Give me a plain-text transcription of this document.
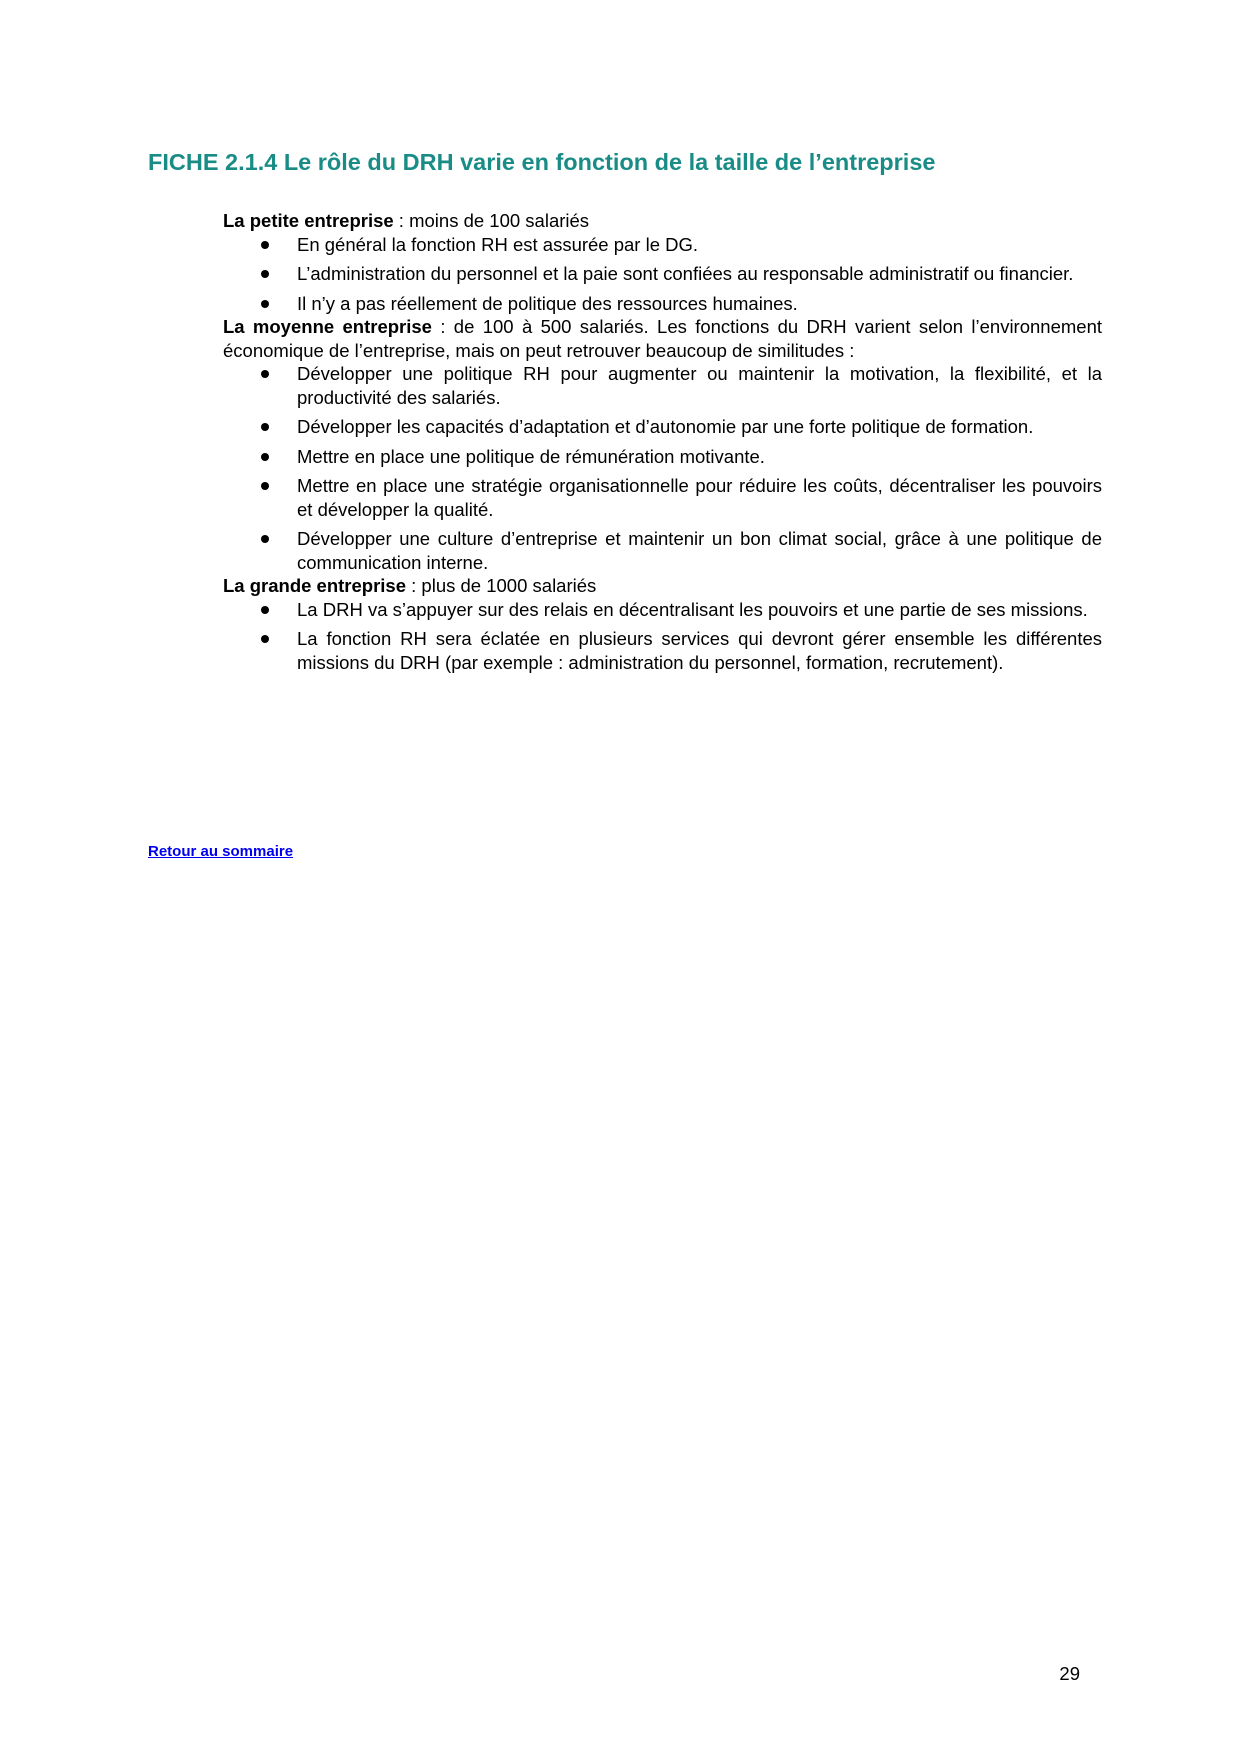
FICHE 2.1.4 Le rôle du DRH varie en fonction de la taille de l’entreprise

La petite entreprise : moins de 100 salariés

En général la fonction RH est assurée par le DG.
L’administration du personnel et la paie sont confiées au responsable administratif ou financier.
Il n’y a pas réellement de politique des ressources humaines.

La moyenne entreprise : de 100 à 500 salariés. Les fonctions du DRH varient selon l’environnement économique de l’entreprise, mais on peut retrouver beaucoup de similitudes :

Développer une politique RH pour augmenter ou maintenir la motivation, la flexibilité, et la productivité des salariés.
Développer les capacités d’adaptation et d’autonomie par une forte politique de formation.
Mettre en place une politique de rémunération motivante.
Mettre en place une stratégie organisationnelle pour réduire les coûts, décentraliser les pouvoirs et développer la qualité.
Développer une culture d’entreprise et maintenir un bon climat social, grâce à une politique de communication interne.

La grande entreprise : plus de 1000 salariés

La DRH va s’appuyer sur des relais en décentralisant les pouvoirs et une partie de ses missions.
La fonction RH sera éclatée en plusieurs services qui devront gérer ensemble les différentes missions du DRH (par exemple : administration du personnel, formation, recrutement).
Retour au sommaire
29
